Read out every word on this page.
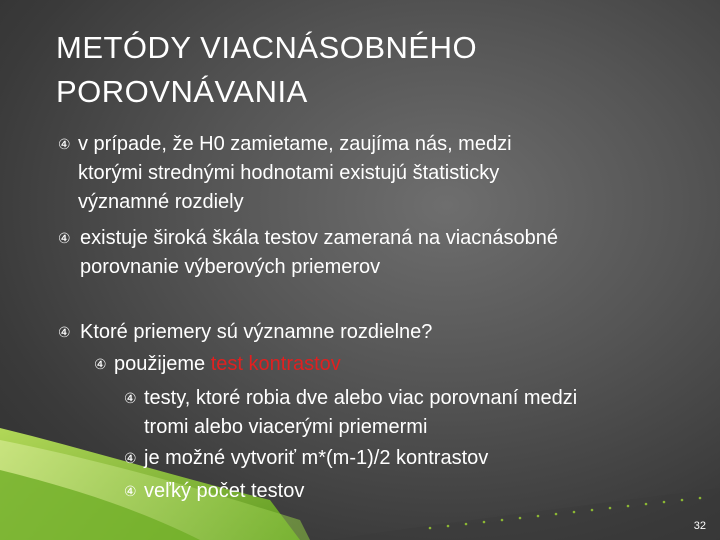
METÓDY VIACNÁSOBNÉHO
POROVNÁVANIA
④ v prípade, že H0 zamietame, zaujíma nás, medzi
ktorými strednými hodnotami existujú štatisticky
významné rozdiely
④ existuje široká škála testov zameraná na viacnásobné
porovnanie výberových priemerov
④ Ktoré priemery sú významne rozdielne?
④ použijeme test kontrastov
④ testy, ktoré robia dve alebo viac porovnaní medzi
tromi alebo viacerými priemermi
④ je možné vytvoriť m*(m-1)/2 kontrastov
④ veľký počet testov
32
